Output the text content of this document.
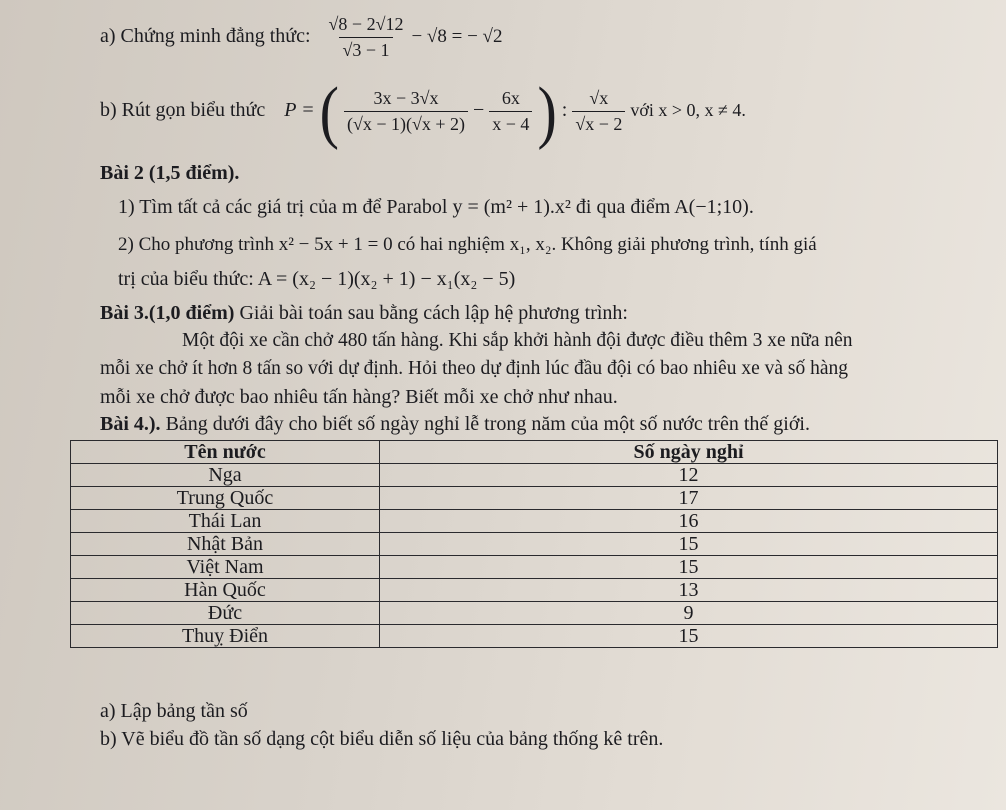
a) Chứng minh đẳng thức: $\frac{√8 - 2√12}{√3 - 1} - √8$ = − √2
b) Rút gọn biểu thức P = ( $\frac{3x - 3√x}{(√x - 1)(√x + 2)} - \frac{6x}{x - 4}$ ) : $\frac{√x}{√x - 2}$ với x > 0, x ≠ 4.
Bài 2 (1,5 điểm).
1) Tìm tất cả các giá trị của m để Parabol y = (m² + 1).x² đi qua điểm A(−1;10).
2) Cho phương trình x² − 5x + 1 = 0 có hai nghiệm x₁, x₂. Không giải phương trình, tính giá
trị của biểu thức: A = (x₂ − 1)(x₂ + 1) − x₁(x₂ − 5)
Bài 3.(1,0 điểm) Giải bài toán sau bằng cách lập hệ phương trình:
Một đội xe cần chở 480 tấn hàng. Khi sắp khởi hành đội được điều thêm 3 xe nữa nên
mỗi xe chở ít hơn 8 tấn so với dự định. Hỏi theo dự định lúc đầu đội có bao nhiêu xe và số hàng
mỗi xe chở được bao nhiêu tấn hàng? Biết mỗi xe chở như nhau.
Bài 4.). Bảng dưới đây cho biết số ngày nghỉ lễ trong năm của một số nước trên thế giới.
Tên nước	Số ngày nghỉ
Nga	12
Trung Quốc	17
Thái Lan	16
Nhật Bản	15
Việt Nam	15
Hàn Quốc	13
Đức	9
Thuỵ Điển	15
a) Lập bảng tần số
b) Vẽ biểu đồ tần số dạng cột biểu diễn số liệu của bảng thống kê trên.
